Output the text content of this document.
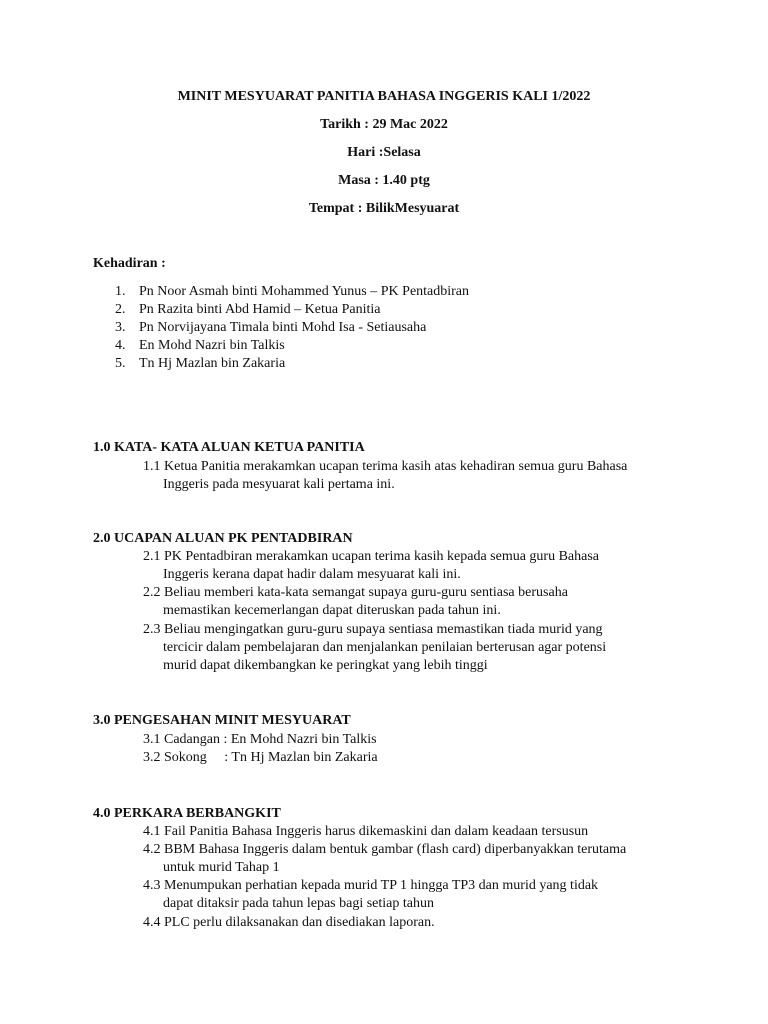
MINIT MESYUARAT PANITIA BAHASA INGGERIS KALI 1/2022
Tarikh : 29 Mac 2022
Hari :Selasa
Masa : 1.40 ptg
Tempat : BilikMesyuarat
Kehadiran :
1. Pn Noor Asmah binti Mohammed Yunus – PK Pentadbiran
2. Pn Razita binti Abd Hamid – Ketua Panitia
3. Pn Norvijayana Timala binti Mohd Isa - Setiausaha
4. En Mohd Nazri bin Talkis
5. Tn Hj Mazlan bin Zakaria
1.0 KATA- KATA ALUAN KETUA PANITIA
1.1 Ketua Panitia merakamkan ucapan terima kasih atas kehadiran semua guru Bahasa
Inggeris pada mesyuarat kali pertama ini.
2.0 UCAPAN ALUAN PK PENTADBIRAN
2.1 PK Pentadbiran merakamkan ucapan terima kasih kepada semua guru Bahasa
Inggeris kerana dapat hadir dalam mesyuarat kali ini.
2.2 Beliau memberi kata-kata semangat supaya guru-guru sentiasa berusaha
memastikan kecemerlangan dapat diteruskan pada tahun ini.
2.3 Beliau mengingatkan guru-guru supaya sentiasa memastikan tiada murid yang
tercicir dalam pembelajaran dan menjalankan penilaian berterusan agar potensi
murid dapat dikembangkan ke peringkat yang lebih tinggi
3.0 PENGESAHAN MINIT MESYUARAT
3.1 Cadangan : En Mohd Nazri bin Talkis
3.2 Sokong     : Tn Hj Mazlan bin Zakaria
4.0 PERKARA BERBANGKIT
4.1 Fail Panitia Bahasa Inggeris harus dikemaskini dan dalam keadaan tersusun
4.2 BBM Bahasa Inggeris dalam bentuk gambar (flash card) diperbanyakkan terutama
untuk murid Tahap 1
4.3 Menumpukan perhatian kepada murid TP 1 hingga TP3 dan murid yang tidak
dapat ditaksir pada tahun lepas bagi setiap tahun
4.4 PLC perlu dilaksanakan dan disediakan laporan.
